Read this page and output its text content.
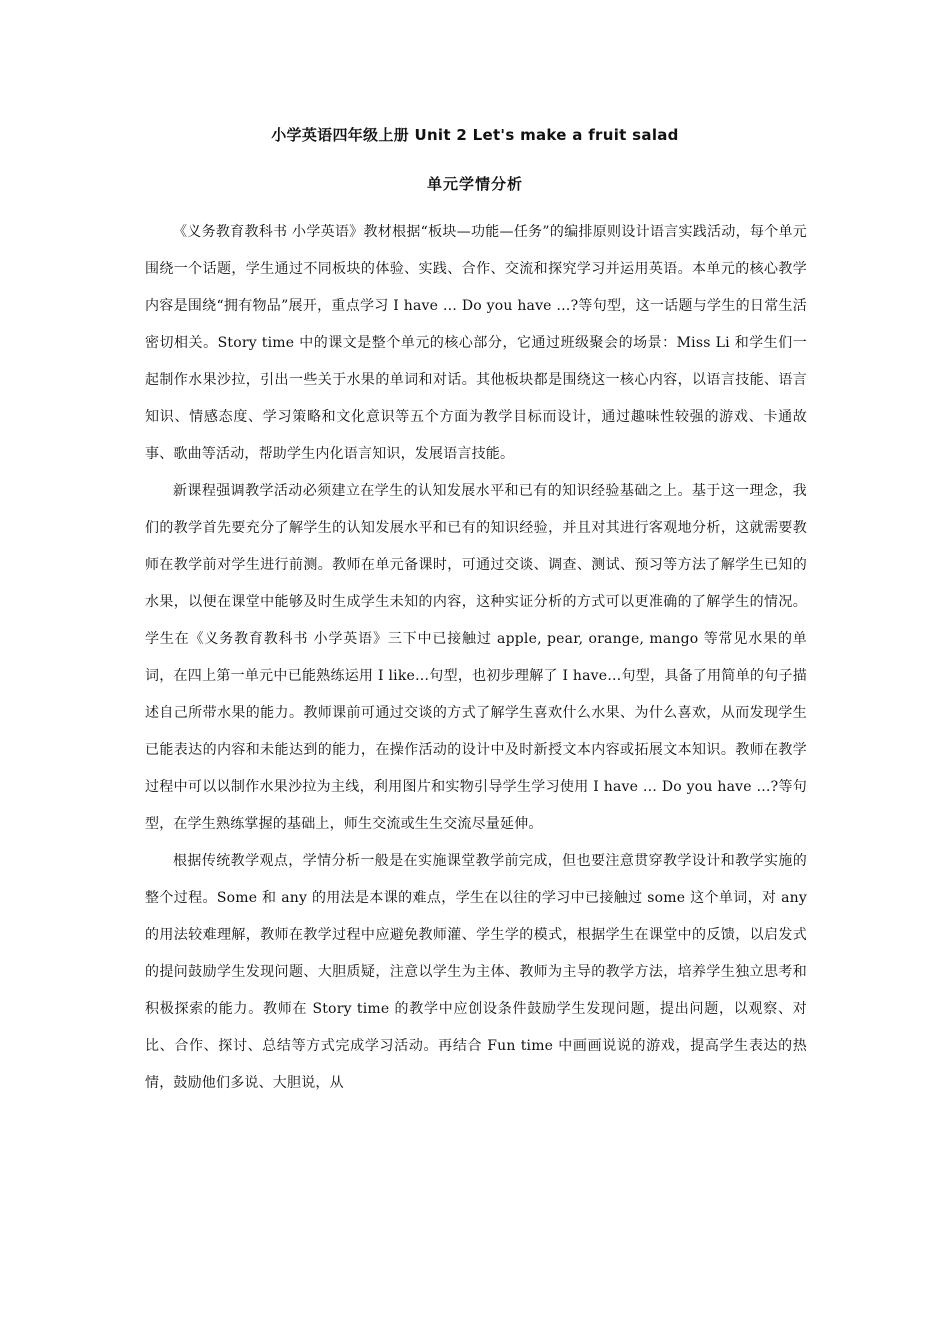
小学英语四年级上册 Unit 2 Let's make a fruit salad
单元学情分析

《义务教育教科书 小学英语》教材根据“板块—功能—任务”的编排原则设计语言实践活动，每个单元围绕一个话题，学生通过不同板块的体验、实践、合作、交流和探究学习并运用英语。本单元的核心教学内容是围绕“拥有物品”展开，重点学习 I have … Do you have …?等句型，这一话题与学生的日常生活密切相关。Story time 中的课文是整个单元的核心部分，它通过班级聚会的场景：Miss Li 和学生们一起制作水果沙拉，引出一些关于水果的单词和对话。其他板块都是围绕这一核心内容，以语言技能、语言知识、情感态度、学习策略和文化意识等五个方面为教学目标而设计，通过趣味性较强的游戏、卡通故事、歌曲等活动，帮助学生内化语言知识，发展语言技能。

新课程强调教学活动必须建立在学生的认知发展水平和已有的知识经验基础之上。基于这一理念，我们的教学首先要充分了解学生的认知发展水平和已有的知识经验，并且对其进行客观地分析，这就需要教师在教学前对学生进行前测。教师在单元备课时，可通过交谈、调查、测试、预习等方法了解学生已知的水果，以便在课堂中能够及时生成学生未知的内容，这种实证分析的方式可以更准确的了解学生的情况。学生在《义务教育教科书 小学英语》三下中已接触过 apple, pear, orange, mango 等常见水果的单词，在四上第一单元中已能熟练运用 I like…句型，也初步理解了 I have…句型，具备了用简单的句子描述自己所带水果的能力。教师课前可通过交谈的方式了解学生喜欢什么水果、为什么喜欢，从而发现学生已能表达的内容和未能达到的能力，在操作活动的设计中及时新授文本内容或拓展文本知识。教师在教学过程中可以以制作水果沙拉为主线，利用图片和实物引导学生学习使用 I have … Do you have …?等句型，在学生熟练掌握的基础上，师生交流或生生交流尽量延伸。

根据传统教学观点，学情分析一般是在实施课堂教学前完成，但也要注意贯穿教学设计和教学实施的整个过程。Some 和 any 的用法是本课的难点，学生在以往的学习中已接触过 some 这个单词，对 any 的用法较难理解，教师在教学过程中应避免教师灌、学生学的模式，根据学生在课堂中的反馈，以启发式的提问鼓励学生发现问题、大胆质疑，注意以学生为主体、教师为主导的教学方法，培养学生独立思考和积极探索的能力。教师在 Story time 的教学中应创设条件鼓励学生发现问题，提出问题，以观察、对比、合作、探讨、总结等方式完成学习活动。再结合 Fun time 中画画说说的游戏，提高学生表达的热情，鼓励他们多说、大胆说，从
